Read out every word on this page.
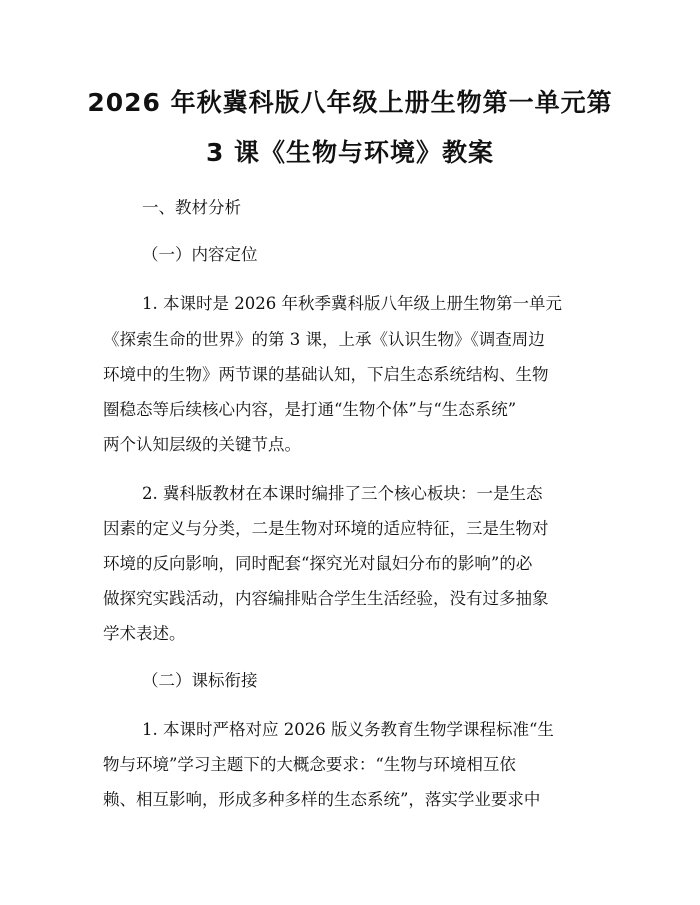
2026 年秋冀科版八年级上册生物第一单元第
3 课《生物与环境》教案
一、教材分析
（一）内容定位
1. 本课时是 2026 年秋季冀科版八年级上册生物第一单元
《探索生命的世界》的第 3 课，上承《认识生物》《调查周边
环境中的生物》两节课的基础认知，下启生态系统结构、生物
圈稳态等后续核心内容，是打通“生物个体”与“生态系统”
两个认知层级的关键节点。
2. 冀科版教材在本课时编排了三个核心板块：一是生态
因素的定义与分类，二是生物对环境的适应特征，三是生物对
环境的反向影响，同时配套“探究光对鼠妇分布的影响”的必
做探究实践活动，内容编排贴合学生生活经验，没有过多抽象
学术表述。
（二）课标衔接
1. 本课时严格对应 2026 版义务教育生物学课程标准“生
物与环境”学习主题下的大概念要求：“生物与环境相互依
赖、相互影响，形成多种多样的生态系统”，落实学业要求中
